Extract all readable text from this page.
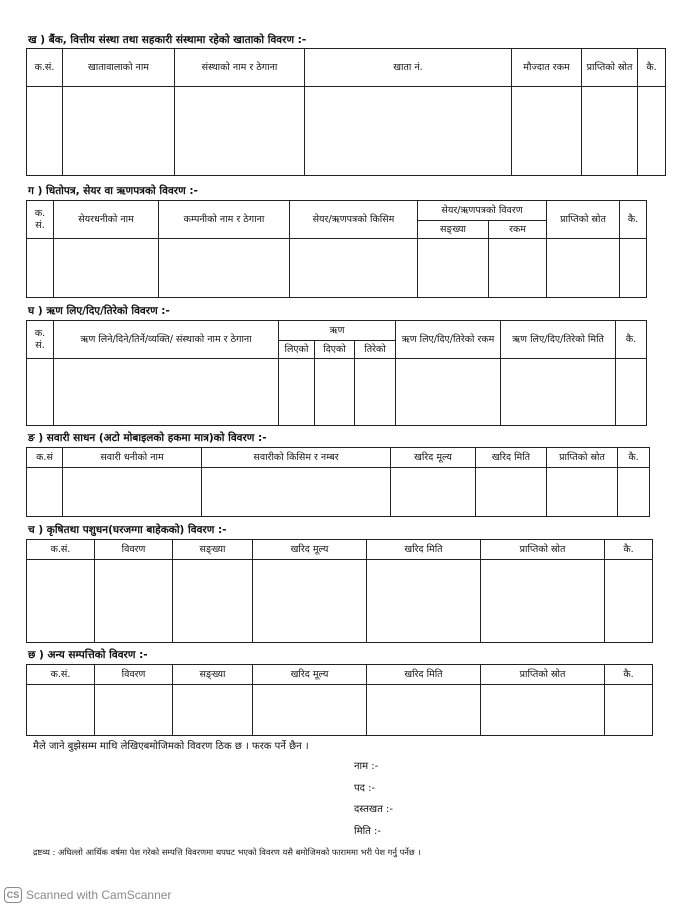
ख ) बैंक, वित्तीय संस्था तथा सहकारी संस्थामा रहेको खाताको विवरण :-
क.सं.	खातावालाको नाम	संस्थाको नाम र ठेगाना	खाता नं.	मौज्दात रकम	प्राप्तिको स्रोत	कै.

ग ) धितोपत्र, सेयर वा ऋणपत्रको विवरण :-
क. सं.	सेयरधनीको नाम	कम्पनीको नाम र ठेगाना	सेयर/ऋणपत्रको किसिम	सेयर/ऋणपत्रको विवरण		प्राप्तिको स्रोत	कै.
				सङ्ख्या	रकम		

घ ) ऋण लिए/दिए/तिरेको विवरण :-
क. सं.	ऋण लिने/दिने/तिर्ने/व्यक्ति/ संस्थाको नाम र ठेगाना	ऋण			ऋण लिए/दिए/तिरेको रकम	ऋण लिए/दिए/तिरेको मिति	कै.
		लिएको	दिएको	तिरेको			

ङ ) सवारी साधन (अटो मोबाइलको हकमा मात्र)को विवरण :-
क.सं	सवारी धनीको नाम	सवारीको किसिम र नम्बर	खरिद मूल्य	खरिद मिति	प्राप्तिको स्रोत	कै.

च ) कृषितथा पशुधन(घरजग्गा बाहेकको) विवरण :-
क.सं.	विवरण	सङ्ख्या	खरिद मूल्य	खरिद मिति	प्राप्तिको स्रोत	कै.

छ ) अन्य सम्पत्तिको विवरण :-
क.सं.	विवरण	सङ्ख्या	खरिद मूल्य	खरिद मिति	प्राप्तिको स्रोत	कै.

मैले जाने बुझेसम्म माथि लेखिएबमोजिमको विवरण ठिक छ । फरक पर्ने छैन ।
नाम :-
पद :-
दस्तखत :-
मिति :-
द्रष्टव्य : अघिल्लो आर्थिक वर्षमा पेश गरेको सम्पत्ति विवरणमा थपघट भएको विवरण यसै बमोजिमको फाराममा भरी पेश गर्नु पर्नेछ ।
CS Scanned with CamScanner
